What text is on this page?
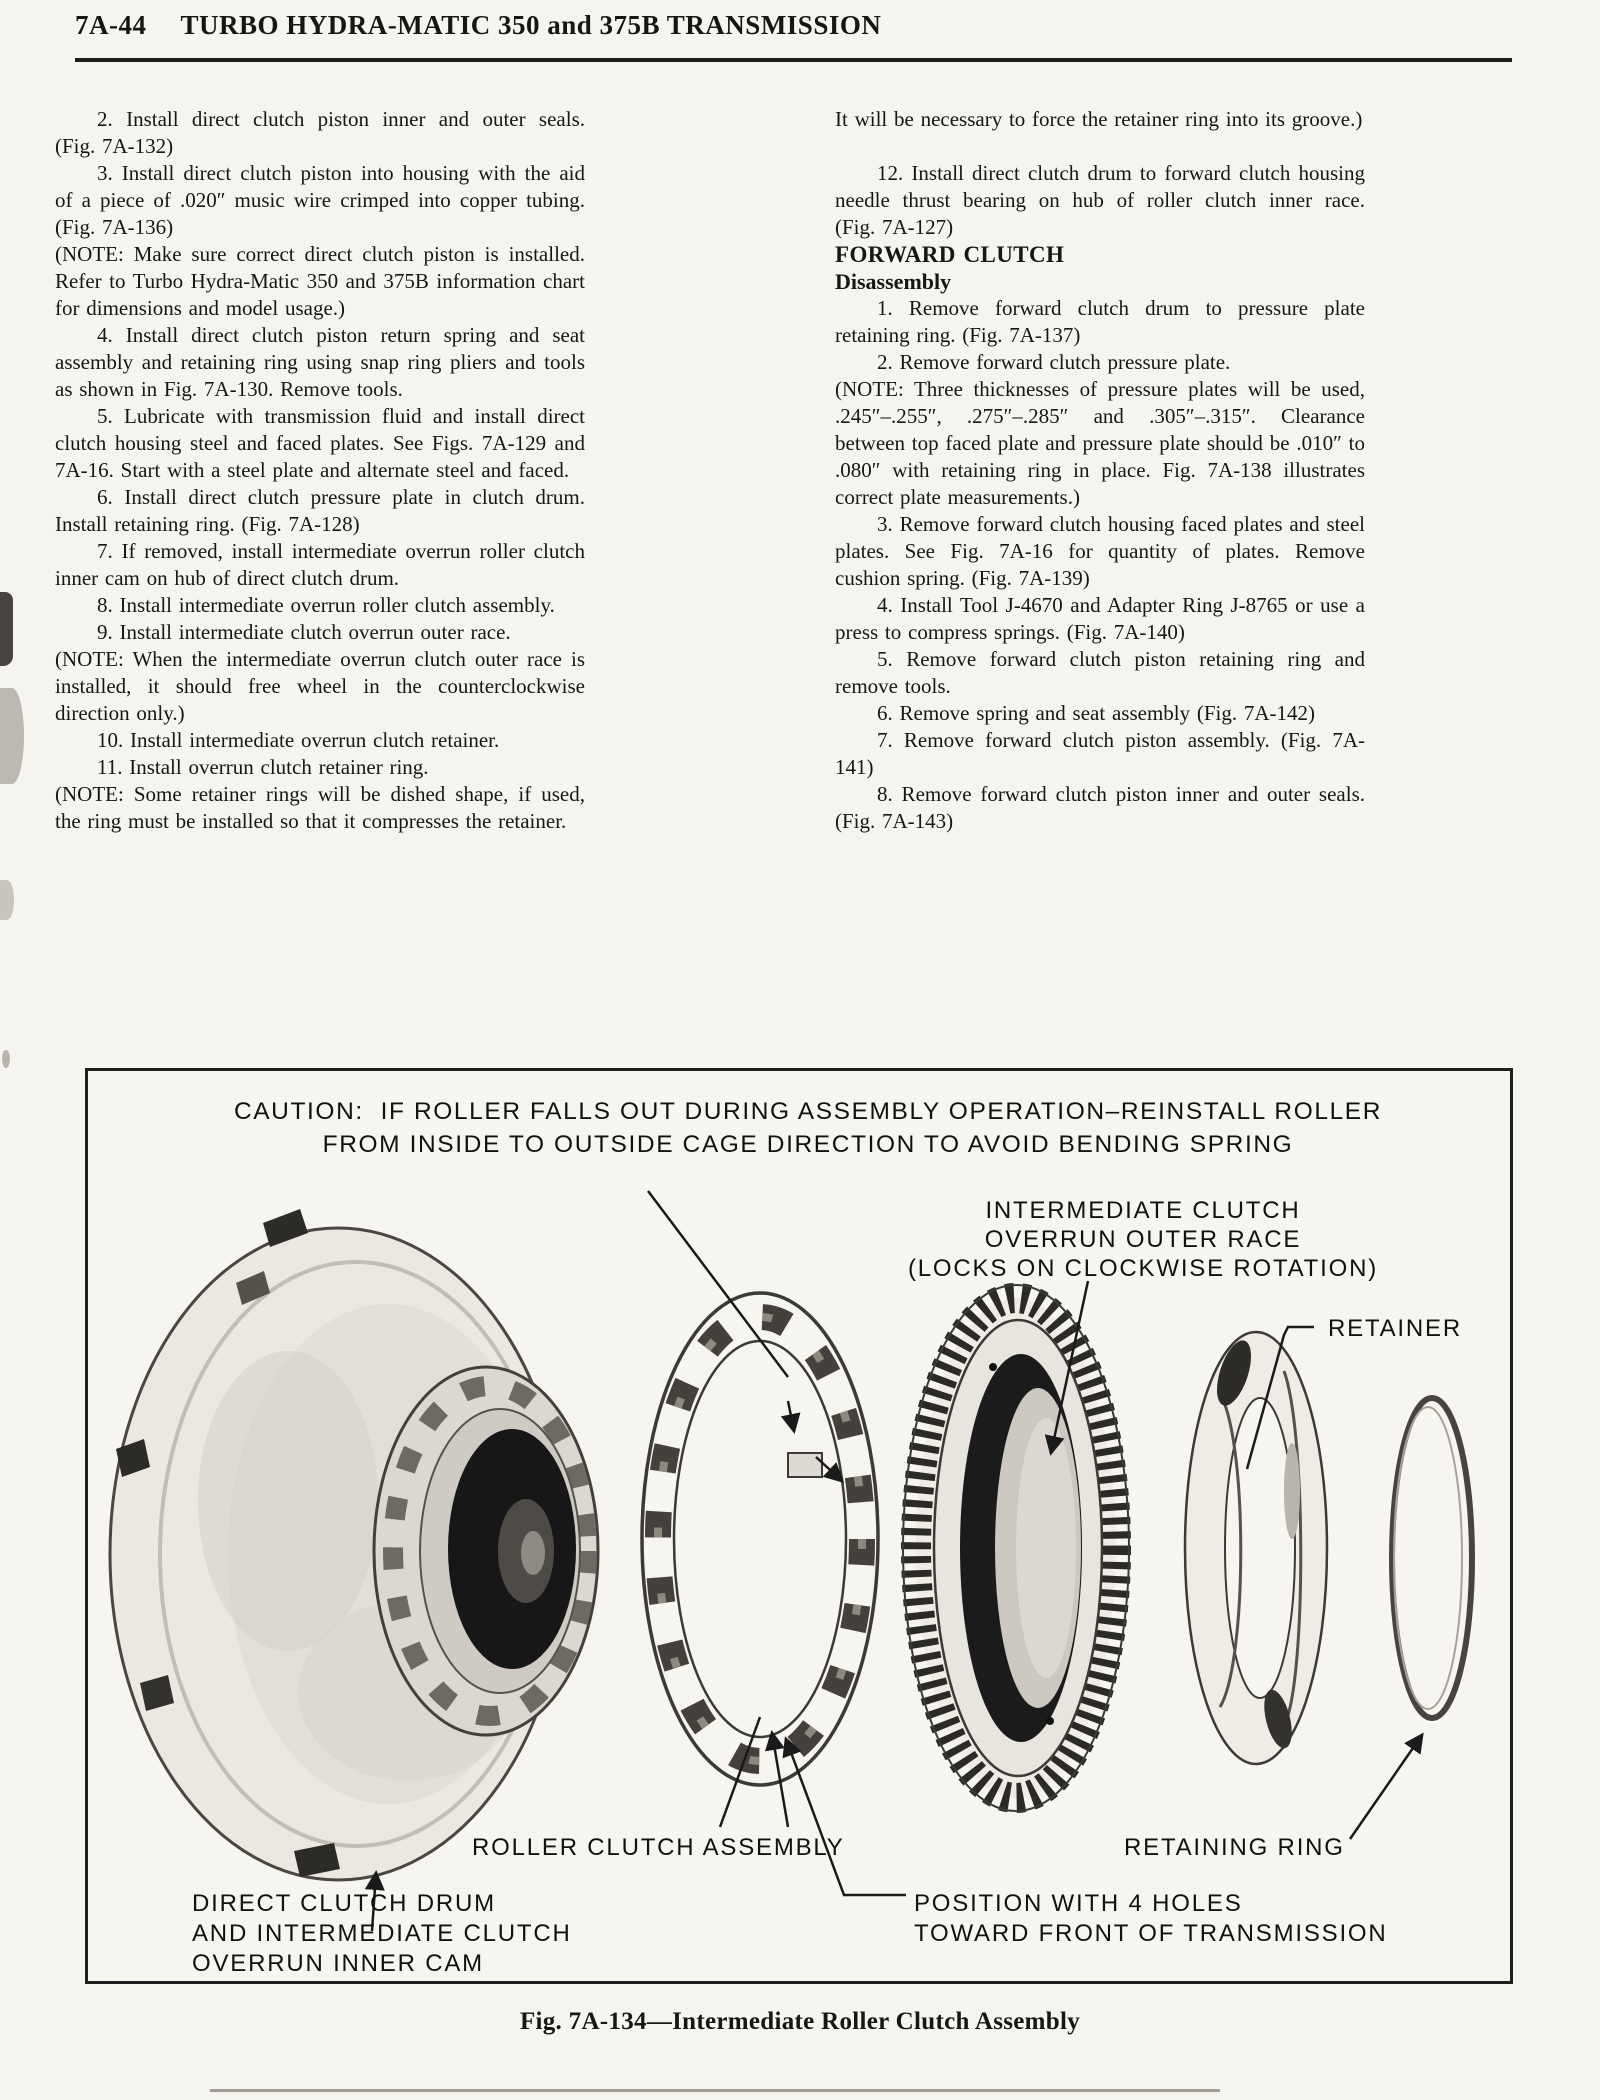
7A-44 TURBO HYDRA-MATIC 350 and 375B TRANSMISSION

2. Install direct clutch piston inner and outer seals. (Fig. 7A-132)

3. Install direct clutch piston into housing with the aid of a piece of .020″ music wire crimped into copper tubing. (Fig. 7A-136)

(NOTE: Make sure correct direct clutch piston is installed. Refer to Turbo Hydra-Matic 350 and 375B information chart for dimensions and model usage.)

4. Install direct clutch piston return spring and seat assembly and retaining ring using snap ring pliers and tools as shown in Fig. 7A-130. Remove tools.

5. Lubricate with transmission fluid and install direct clutch housing steel and faced plates. See Figs. 7A-129 and 7A-16. Start with a steel plate and alternate steel and faced.

6. Install direct clutch pressure plate in clutch drum. Install retaining ring. (Fig. 7A-128)

7. If removed, install intermediate overrun roller clutch inner cam on hub of direct clutch drum.

8. Install intermediate overrun roller clutch assembly.

9. Install intermediate clutch overrun outer race.

(NOTE: When the intermediate overrun clutch outer race is installed, it should free wheel in the counterclockwise direction only.)

10. Install intermediate overrun clutch retainer.

11. Install overrun clutch retainer ring.

(NOTE: Some retainer rings will be dished shape, if used, the ring must be installed so that it compresses the retainer.

It will be necessary to force the retainer ring into its groove.)

12. Install direct clutch drum to forward clutch housing needle thrust bearing on hub of roller clutch inner race. (Fig. 7A-127)

FORWARD CLUTCH

Disassembly

1. Remove forward clutch drum to pressure plate retaining ring. (Fig. 7A-137)

2. Remove forward clutch pressure plate.

(NOTE: Three thicknesses of pressure plates will be used, .245″–.255″, .275″–.285″ and .305″–.315″. Clearance between top faced plate and pressure plate should be .010″ to .080″ with retaining ring in place. Fig. 7A-138 illustrates correct plate measurements.)

3. Remove forward clutch housing faced plates and steel plates. See Fig. 7A-16 for quantity of plates. Remove cushion spring. (Fig. 7A-139)

4. Install Tool J-4670 and Adapter Ring J-8765 or use a press to compress springs. (Fig. 7A-140)

5. Remove forward clutch piston retaining ring and remove tools.

6. Remove spring and seat assembly (Fig. 7A-142)

7. Remove forward clutch piston assembly. (Fig. 7A-141)

8. Remove forward clutch piston inner and outer seals. (Fig. 7A-143)

CAUTION:  IF ROLLER FALLS OUT DURING ASSEMBLY OPERATION–REINSTALL ROLLER
FROM INSIDE TO OUTSIDE CAGE DIRECTION TO AVOID BENDING SPRING
INTERMEDIATE CLUTCH
OVERRUN OUTER RACE
(LOCKS ON CLOCKWISE ROTATION)
RETAINER
ROLLER CLUTCH ASSEMBLY
DIRECT CLUTCH DRUM
AND INTERMEDIATE CLUTCH
OVERRUN INNER CAM
POSITION WITH 4 HOLES
TOWARD FRONT OF TRANSMISSION
RETAINING RING
Fig. 7A-134—Intermediate Roller Clutch Assembly
